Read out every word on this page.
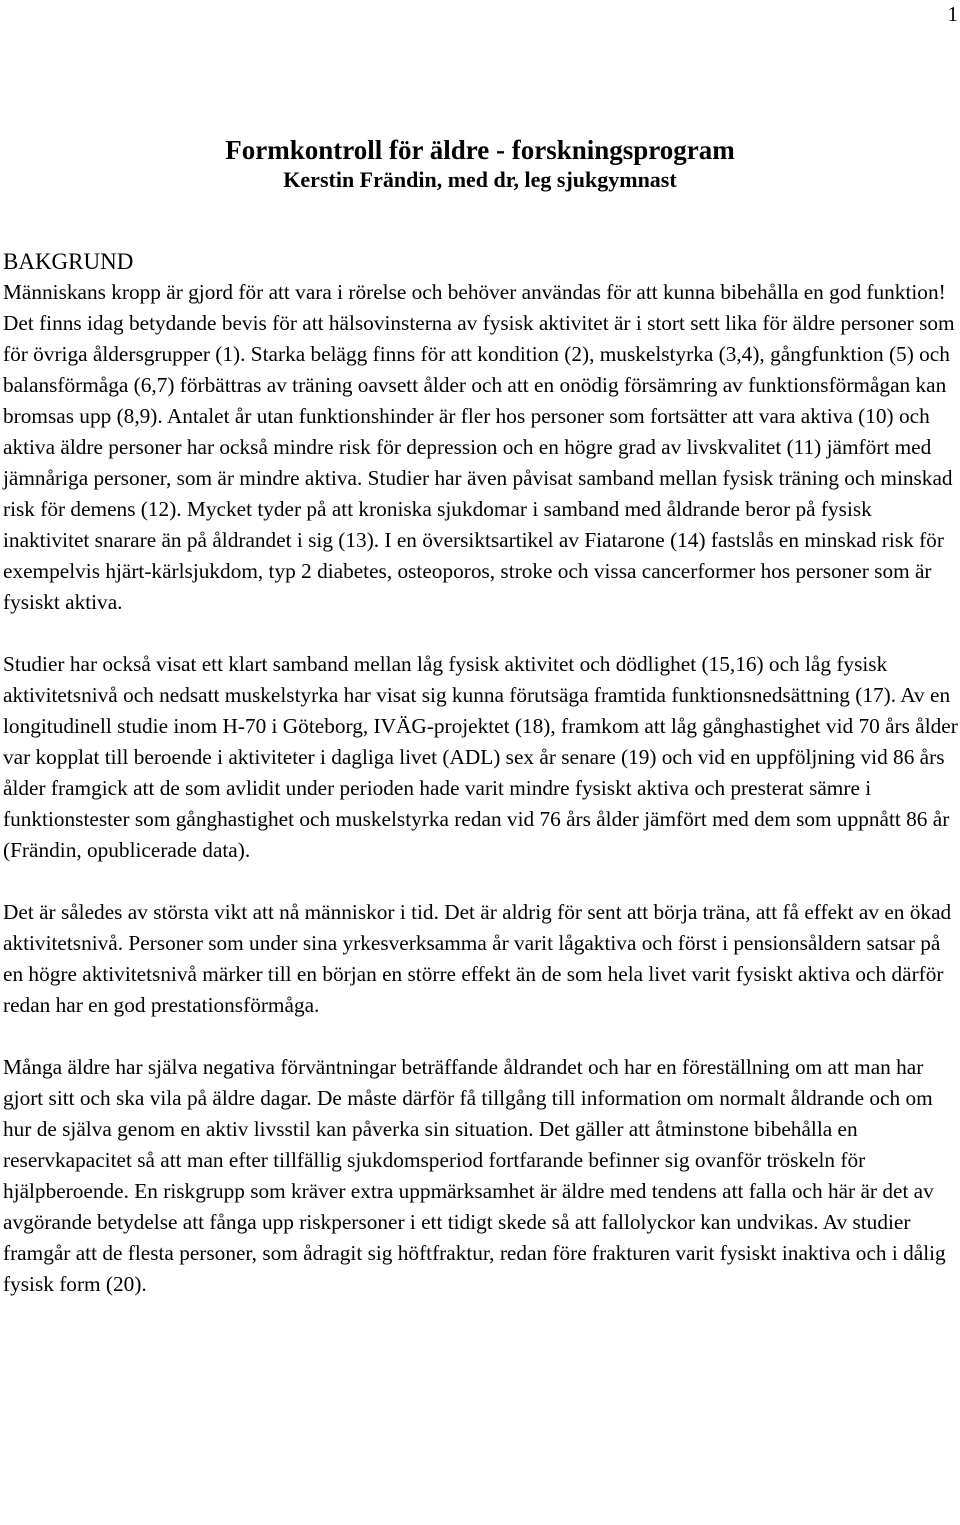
1
Formkontroll för äldre - forskningsprogram
Kerstin Frändin, med dr, leg sjukgymnast
BAKGRUND

Människans kropp är gjord för att vara i rörelse och behöver användas för att kunna bibehålla en god funktion! Det finns idag betydande bevis för att hälsovinsterna av fysisk aktivitet är i stort sett lika för äldre personer som för övriga åldersgrupper (1). Starka belägg finns för att kondition (2), muskelstyrka (3,4), gångfunktion (5) och balansförmåga (6,7) förbättras av träning oavsett ålder och att en onödig försämring av funktionsförmågan kan bromsas upp (8,9). Antalet år utan funktionshinder är fler hos personer som fortsätter att vara aktiva (10) och aktiva äldre personer har också mindre risk för depression och en högre grad av livskvalitet (11) jämfört med jämnåriga personer, som är mindre aktiva. Studier har även påvisat samband mellan fysisk träning och minskad risk för demens (12). Mycket tyder på att kroniska sjukdomar i samband med åldrande beror på fysisk inaktivitet snarare än på åldrandet i sig (13). I en översiktsartikel av Fiatarone (14) fastslås en minskad risk för exempelvis hjärt-kärlsjukdom, typ 2 diabetes, osteoporos, stroke och vissa cancerformer hos personer som är fysiskt aktiva.

Studier har också visat ett klart samband mellan låg fysisk aktivitet och dödlighet (15,16) och låg fysisk aktivitetsnivå och nedsatt muskelstyrka har visat sig kunna förutsäga framtida funktionsnedsättning (17). Av en longitudinell studie inom H-70 i Göteborg, IVÄG-projektet (18), framkom att låg gånghastighet vid 70 års ålder var kopplat till beroende i aktiviteter i dagliga livet (ADL) sex år senare (19) och vid en uppföljning vid 86 års ålder framgick att de som avlidit under perioden hade varit mindre fysiskt aktiva och presterat sämre i funktionstester som gånghastighet och muskelstyrka redan vid 76 års ålder jämfört med dem som uppnått 86 år (Frändin, opublicerade data).

Det är således av största vikt att nå människor i tid. Det är aldrig för sent att börja träna, att få effekt av en ökad aktivitetsnivå. Personer som under sina yrkesverksamma år varit lågaktiva och först i pensionsåldern satsar på en högre aktivitetsnivå märker till en början en större effekt än de som hela livet varit fysiskt aktiva och därför redan har en god prestationsförmåga.

Många äldre har själva negativa förväntningar beträffande åldrandet och har en föreställning om att man har gjort sitt och ska vila på äldre dagar. De måste därför få tillgång till information om normalt åldrande och om hur de själva genom en aktiv livsstil kan påverka sin situation. Det gäller att åtminstone bibehålla en reservkapacitet så att man efter tillfällig sjukdomsperiod fortfarande befinner sig ovanför tröskeln för hjälpberoende. En riskgrupp som kräver extra uppmärksamhet är äldre med tendens att falla och här är det av avgörande betydelse att fånga upp riskpersoner i ett tidigt skede så att fallolyckor kan undvikas. Av studier framgår att de flesta personer, som ådragit sig höftfraktur, redan före frakturen varit fysiskt inaktiva och i dålig fysisk form (20).
